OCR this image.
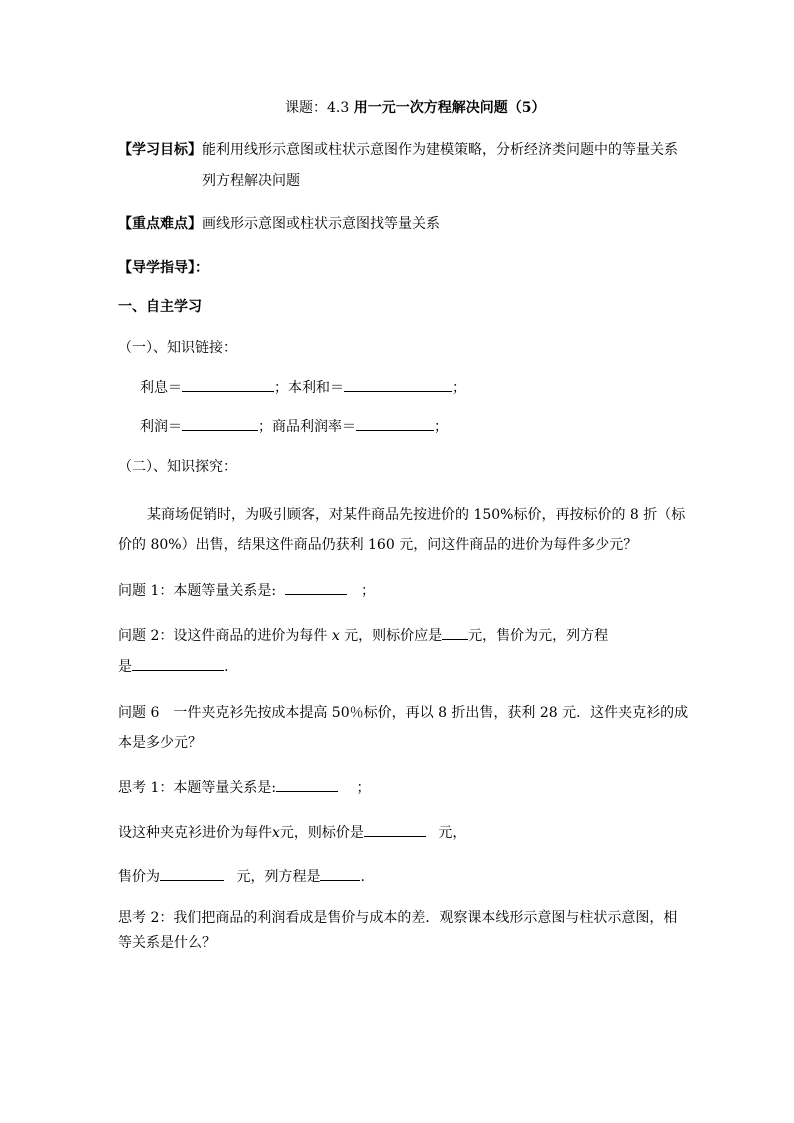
课题：4.3 用一元一次方程解决问题（5）
【学习目标】能利用线形示意图或柱状示意图作为建模策略，分析经济类问题中的等量关系
列方程解决问题
【重点难点】画线形示意图或柱状示意图找等量关系
【导学指导】：
一、自主学习
（一）、知识链接：
利息＝	；本利和＝	；
利润＝	；商品利润率＝	；
（二）、知识探究：
某商场促销时，为吸引顾客，对某件商品先按进价的 150%标价，再按标价的 8 折（标
价的 80%）出售，结果这件商品仍获利 160 元，问这件商品的进价为每件多少元？
问题 1：本题等量关系是:	；
问题 2：设这件商品的进价为每件 x 元，则标价应是 元，售价为元，列方程
是	.
问题 6　一件夹克衫先按成本提高 50％标价，再以 8 折出售，获利 28 元．这件夹克衫的成
本是多少元？
思考 1：本题等量关系是:	；
设这种夹克衫进价为每件x元，则标价是	元，
售价为	元，列方程是	.
思考 2：我们把商品的利润看成是售价与成本的差．观察课本线形示意图与柱状示意图，相
等关系是什么？
